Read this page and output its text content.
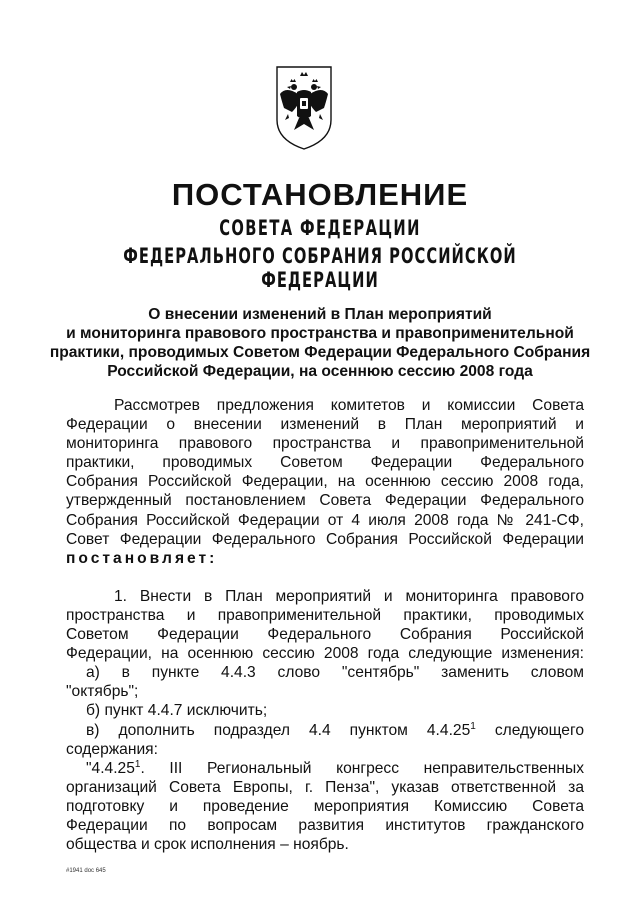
ПОСТАНОВЛЕНИЕ
СОВЕТА ФЕДЕРАЦИИ
ФЕДЕРАЛЬНОГО СОБРАНИЯ РОССИЙСКОЙ ФЕДЕРАЦИИ
О внесении изменений в План мероприятий
и мониторинга правового пространства и правоприменительной
практики, проводимых Советом Федерации Федерального Собрания
Российской Федерации, на осеннюю сессию 2008 года

Рассмотрев предложения комитетов и комиссии Совета

Федерации о внесении изменений в План мероприятий и

мониторинга правового пространства и правоприменительной

практики, проводимых Советом Федерации Федерального

Собрания Российской Федерации, на осеннюю сессию 2008 года,

утвержденный постановлением Совета Федерации Федерального

Собрания Российской Федерации от 4 июля 2008 года № 241-СФ,

Совет Федерации Федерального Собрания Российской Федерации

постановляет:

1. Внести в План мероприятий и мониторинга правового

пространства и правоприменительной практики, проводимых

Советом Федерации Федерального Собрания Российской

Федерации, на осеннюю сессию 2008 года следующие изменения:

а) в пункте 4.4.3 слово "сентябрь" заменить словом

"октябрь";

б) пункт 4.4.7 исключить;

в) дополнить подраздел 4.4 пунктом 4.4.25$^1$ следующего

содержания:

"4.4.25$^1$. III Региональный конгресс неправительственных

организаций Совета Европы, г. Пенза", указав ответственной за

подготовку и проведение мероприятия Комиссию Совета

Федерации по вопросам развития институтов гражданского

общества и срок исполнения – ноябрь.

#1941 doc 645
